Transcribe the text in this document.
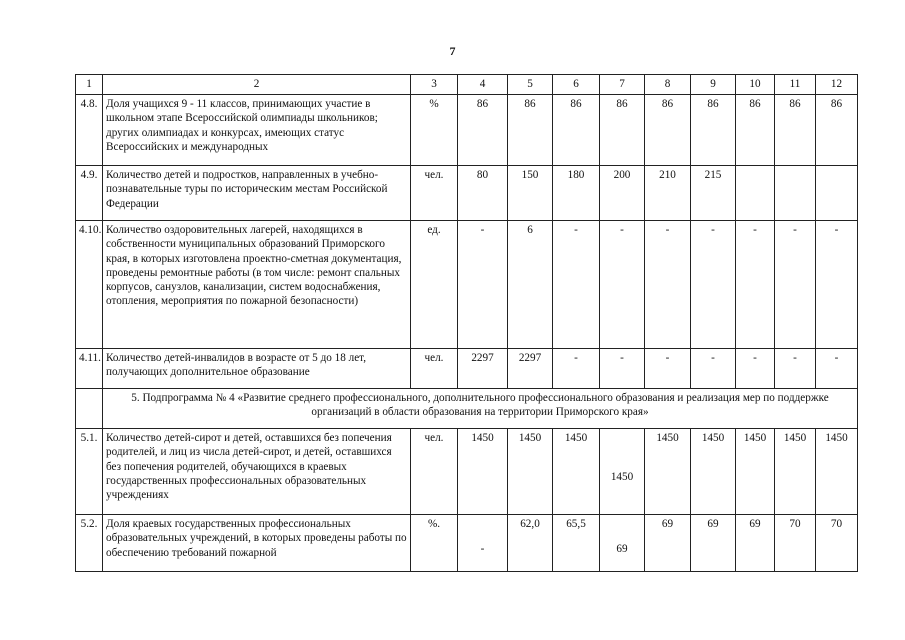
7
1	2	3	4	5	6	7	8	9	10	11	12
4.8.	Доля учащихся 9 - 11 классов, принимающих участие в школьном этапе Всероссийской олимпиады школьников; других олимпиадах и конкурсах, имеющих статус Всероссийских и международных	%	86	86	86	86	86	86	86	86	86
4.9.	Количество детей и подростков, направленных в учебно-познавательные туры по историческим местам Российской Федерации	чел.	80	150	180	200	210	215			
4.10.	Количество оздоровительных лагерей, находящихся в собственности муниципальных образований Приморского края, в которых изготовлена проектно-сметная документация, проведены ремонтные работы (в том числе: ремонт спальных корпусов, санузлов, канализации, систем водоснабжения, отопления, мероприятия по пожарной безопасности)	ед.	-	6	-	-	-	-	-	-	-
4.11.	Количество детей-инвалидов в возрасте от 5 до 18 лет, получающих дополнительное образование	чел.	2297	2297	-	-	-	-	-	-	-
	5. Подпрограмма № 4 «Развитие среднего профессионального, дополнительного профессионального образования и реализация мер по поддержке организаций в области образования на территории Приморского края»										
5.1.	Количество детей-сирот и детей, оставшихся без попечения родителей, и лиц из числа детей-сирот, и детей, оставшихся без попечения родителей, обучающихся в краевых государственных профессиональных образовательных учреждениях	чел.	1450	1450	1450	1450	1450	1450	1450	1450	1450
5.2.	Доля краевых государственных профессиональных образовательных учреждений, в которых проведены работы по обеспечению требований пожарной	%.	-	62,0	65,5	69	69	69	69	70	70
